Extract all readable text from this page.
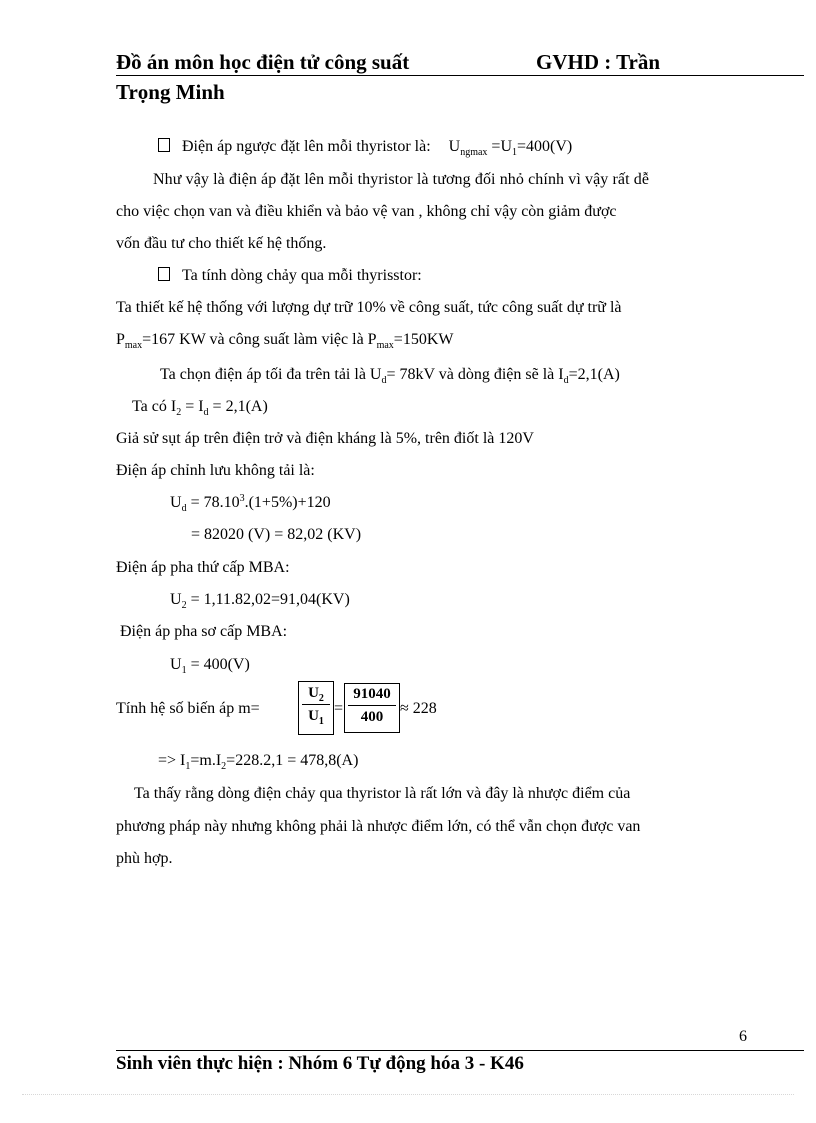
Đồ án môn học điện tử công suất	GVHD : Trần
Trọng Minh
Điện áp ngược đặt lên mỗi thyristor là: $U_{ngmax} =U_1=400(V)$
Như vậy là điện áp đặt lên mỗi thyristor là tương đối nhỏ chính vì vậy rất dễ
cho việc chọn van và điều khiển và bảo vệ van , không chỉ vậy còn giảm được
vốn đầu tư cho thiết kế hệ thống.
Ta tính dòng chảy qua mỗi thyrisstor:
Ta thiết kế hệ thống với lượng dự trữ 10% về công suất, tức công suất dự trữ là
$P_{max}=167$ KW và công suất làm việc là $P_{max}=150KW$
Ta chọn điện áp tối đa trên tải là $U_d= 78kV$ và dòng điện sẽ là $I_d=2,1(A)$
Ta có $I_2 = I_d = 2,1(A)$
Giả sử sụt áp trên điện trở và điện kháng là 5%, trên điốt là 120V
Điện áp chỉnh lưu không tải là:
$U_d = 78.10^3.(1+5\%)+120$
= 82020 (V) = 82,02 (KV)
Điện áp pha thứ cấp MBA:
$U_2 = 1,11.82,02=91,04(KV)$
Điện áp pha sơ cấp MBA:
$U_1 = 400(V)$
Tính hệ số biến áp m=
$U_2$
$U_1$
=
91040
400	≈ 228
=> $I_1=m.I_2=228.2,1 = 478,8(A)$
Ta thấy rằng dòng điện chảy qua thyristor là rất lớn và đây là nhược điểm của
phương pháp này nhưng không phải là nhược điểm lớn, có thể vẫn chọn được van
phù hợp.
6
Sinh viên thực hiện : Nhóm 6 Tự động hóa 3 - K46
